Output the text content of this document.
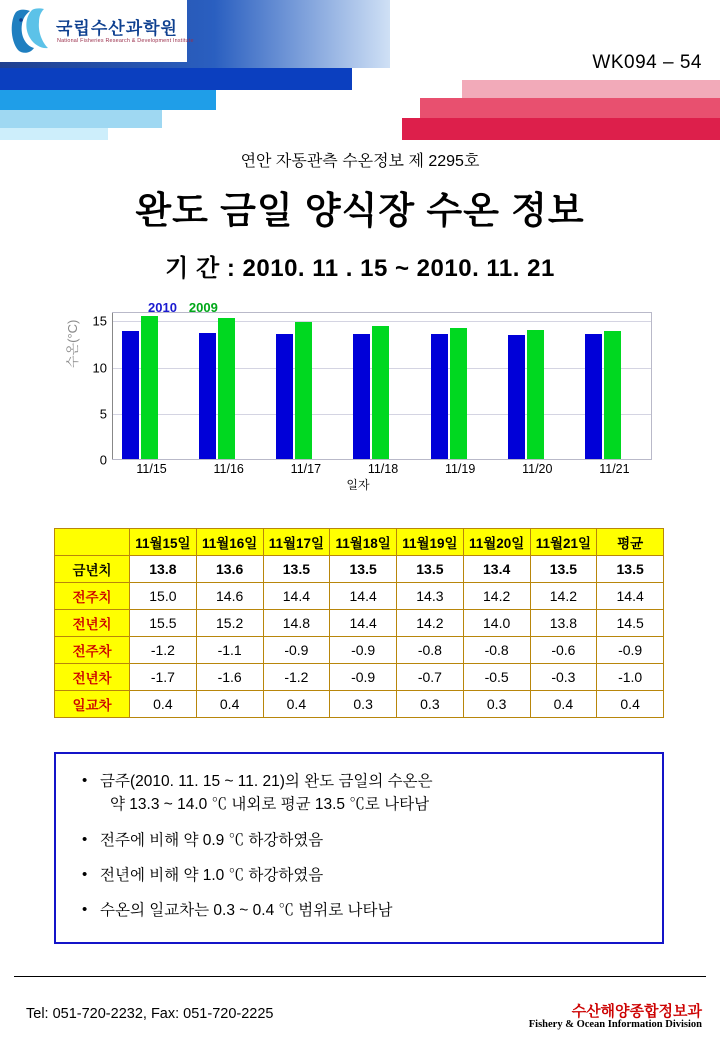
국립수산과학원
National Fisheries Research & Development Institute
WK094 – 54
연안 자동관측 수온정보 제 2295호
완도 금일 양식장 수온 정보
기 간 : 2010. 11 . 15 ~ 2010. 11. 21
2010 2009
수온(°C)
0
5
10
15
11/15	11/16	11/17	11/18	11/19	11/20	11/21
일자
	11월15일	11월16일	11월17일	11월18일	11월19일	11월20일	11월21일	평균
금년치	13.8	13.6	13.5	13.5	13.5	13.4	13.5	13.5
전주치	15.0	14.6	14.4	14.4	14.3	14.2	14.2	14.4
전년치	15.5	15.2	14.8	14.4	14.2	14.0	13.8	14.5
전주차	-1.2	-1.1	-0.9	-0.9	-0.8	-0.8	-0.6	-0.9
전년차	-1.7	-1.6	-1.2	-0.9	-0.7	-0.5	-0.3	-1.0
일교차	0.4	0.4	0.4	0.3	0.3	0.3	0.4	0.4
• 금주(2010. 11. 15 ~ 11. 21)의 완도 금일의 수온은
약 13.3 ~ 14.0 ℃ 내외로 평균 13.5 ℃로 나타남
• 전주에 비해 약 0.9 ℃ 하강하였음
• 전년에 비해 약 1.0 ℃ 하강하였음
• 수온의 일교차는 0.3 ~ 0.4 ℃ 범위로 나타남
Tel: 051-720-2232, Fax: 051-720-2225	수산해양종합정보과
Fishery & Ocean Information Division
